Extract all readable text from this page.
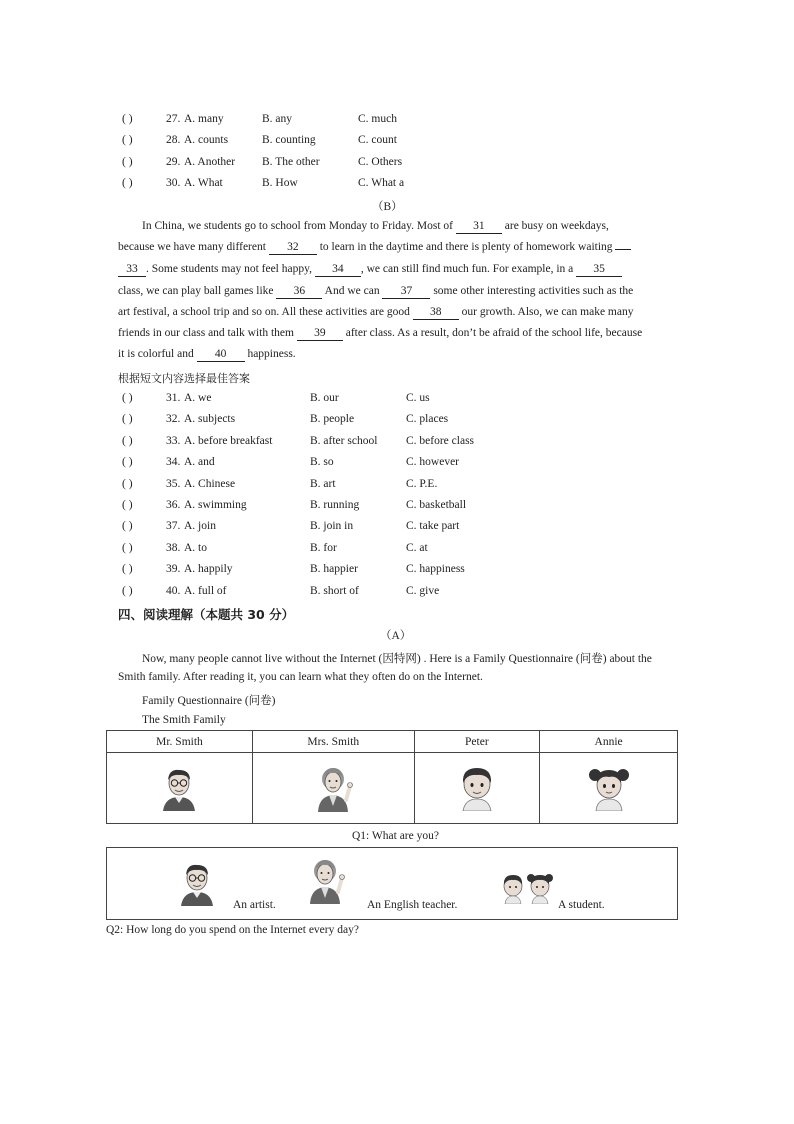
( )	27. A. many	B. any	C. much
( )	28. A. counts	B. counting	C. count
( )	29. A. Another B. The other	C. Others
( )	30. A. What	B. How	C. What a
（B）
In China, we students go to school from Monday to Friday. Most of 31 are busy on weekdays,
because we have many different 32 to learn in the daytime and there is plenty of homework waiting
33 . Some students may not feel happy, 34 , we can still find much fun. For example, in a 35
class, we can play ball games like 36 And we can 37 some other interesting activities such as the
art festival, a school trip and so on. All these activities are good 38 our growth. Also, we can make many
friends in our class and talk with them 39 after class. As a result, don’t be afraid of the school life, because
it is colorful and 40 happiness.
根据短文内容选择最佳答案
( )	31. A. we	B. our	C. us
( )	32. A. subjects	B. people	C. places
( )	33. A. before breakfast	B. after school C. before class
( )	34. A. and	B. so	C. however
( )	35. A. Chinese	B. art	C. P.E.
( )	36. A. swimming	B. running	C. basketball
( )	37. A. join	B. join in	C. take part
( )	38. A. to	B. for	C. at
( )	39. A. happily	B. happier	C. happiness
( )	40. A. full of	B. short of	C. give
四、阅读理解（本题共 30 分）
（A）
Now, many people cannot live without the Internet (因特网) . Here is a Family Questionnaire (问卷) about the
Smith family. After reading it, you can learn what they often do on the Internet.
Family Questionnaire (问卷)
The Smith Family
Mr. Smith	Mrs. Smith	Peter	Annie

Q1: What are you?
An artist.	An English teacher.	A student.
Q2: How long do you spend on the Internet every day?
